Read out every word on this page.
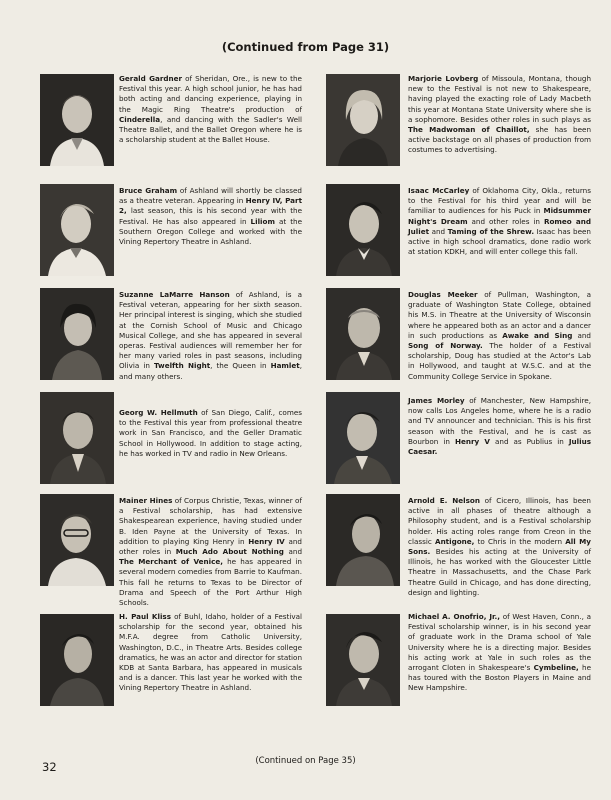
(Continued from Page 31)
Gerald Gardner of Sheridan, Ore., is new to the Festival this year. A high school junior, he has had both acting and dancing experience, playing in the Magic Ring Theatre's production of Cinderella, and dancing with the Sadler's Well Theatre Ballet, and the Ballet Oregon where he is a scholarship student at the Ballet House.
Bruce Graham of Ashland will shortly be classed as a theatre veteran. Appearing in Henry IV, Part 2, last season, this is his second year with the Festival. He has also appeared in Liliom at the Southern Oregon College and worked with the Vining Repertory Theatre in Ashland.
Suzanne LaMarre Hanson of Ashland, is a Festival veteran, appearing for her sixth season. Her principal interest is singing, which she studied at the Cornish School of Music and Chicago Musical College, and she has appeared in several operas. Festival audiences will remember her for her many varied roles in past seasons, including Olivia in Twelfth Night, the Queen in Hamlet, and many others.
Georg W. Hellmuth of San Diego, Calif., comes to the Festival this year from professional theatre work in San Francisco, and the Geller Dramatic School in Hollywood. In addition to stage acting, he has worked in TV and radio in New Orleans.
Mainer Hines of Corpus Christie, Texas, winner of a Festival scholarship, has had extensive Shakespearean experience, having studied under B. Iden Payne at the University of Texas. In addition to playing King Henry in Henry IV and other roles in Much Ado About Nothing and The Merchant of Venice, he has appeared in several modern comedies from Barrie to Kaufman. This fall he returns to Texas to be Director of Drama and Speech of the Port Arthur High Schools.
H. Paul Kliss of Buhl, Idaho, holder of a Festival scholarship for the second year, obtained his M.F.A. degree from Catholic University, Washington, D.C., in Theatre Arts. Besides college dramatics, he was an actor and director for station KDB at Santa Barbara, has appeared in musicals and is a dancer. This last year he worked with the Vining Repertory Theatre in Ashland.
Marjorie Lovberg of Missoula, Montana, though new to the Festival is not new to Shakespeare, having played the exacting role of Lady Macbeth this year at Montana State University where she is a sophomore. Besides other roles in such plays as The Madwoman of Chaillot, she has been active backstage on all phases of production from costumes to advertising.
Isaac McCarley of Oklahoma City, Okla., returns to the Festival for his third year and will be familiar to audiences for his Puck in Midsummer Night's Dream and other roles in Romeo and Juliet and Taming of the Shrew. Isaac has been active in high school dramatics, done radio work at station KDKH, and will enter college this fall.
Douglas Meeker of Pullman, Washington, a graduate of Washington State College, obtained his M.S. in Theatre at the University of Wisconsin where he appeared both as an actor and a dancer in such productions as Awake and Sing and Song of Norway. The holder of a Festival scholarship, Doug has studied at the Actor's Lab in Hollywood, and taught at W.S.C. and at the Community College Service in Spokane.
James Morley of Manchester, New Hampshire, now calls Los Angeles home, where he is a radio and TV announcer and technician. This is his first season with the Festival, and he is cast as Bourbon in Henry V and as Publius in Julius Caesar.
Arnold E. Nelson of Cicero, Illinois, has been active in all phases of theatre although a Philosophy student, and is a Festival scholarship holder. His acting roles range from Creon in the classic Antigone, to Chris in the modern All My Sons. Besides his acting at the University of Illinois, he has worked with the Gloucester Little Theatre in Massachusetts, and the Chase Park Theatre Guild in Chicago, and has done directing, design and lighting.
Michael A. Onofrio, Jr., of West Haven, Conn., a Festival scholarship winner, is in his second year of graduate work in the Drama school of Yale University where he is a directing major. Besides his acting work at Yale in such roles as the arrogant Cloten in Shakespeare's Cymbeline, he has toured with the Boston Players in Maine and New Hampshire.
(Continued on Page 35)
32
